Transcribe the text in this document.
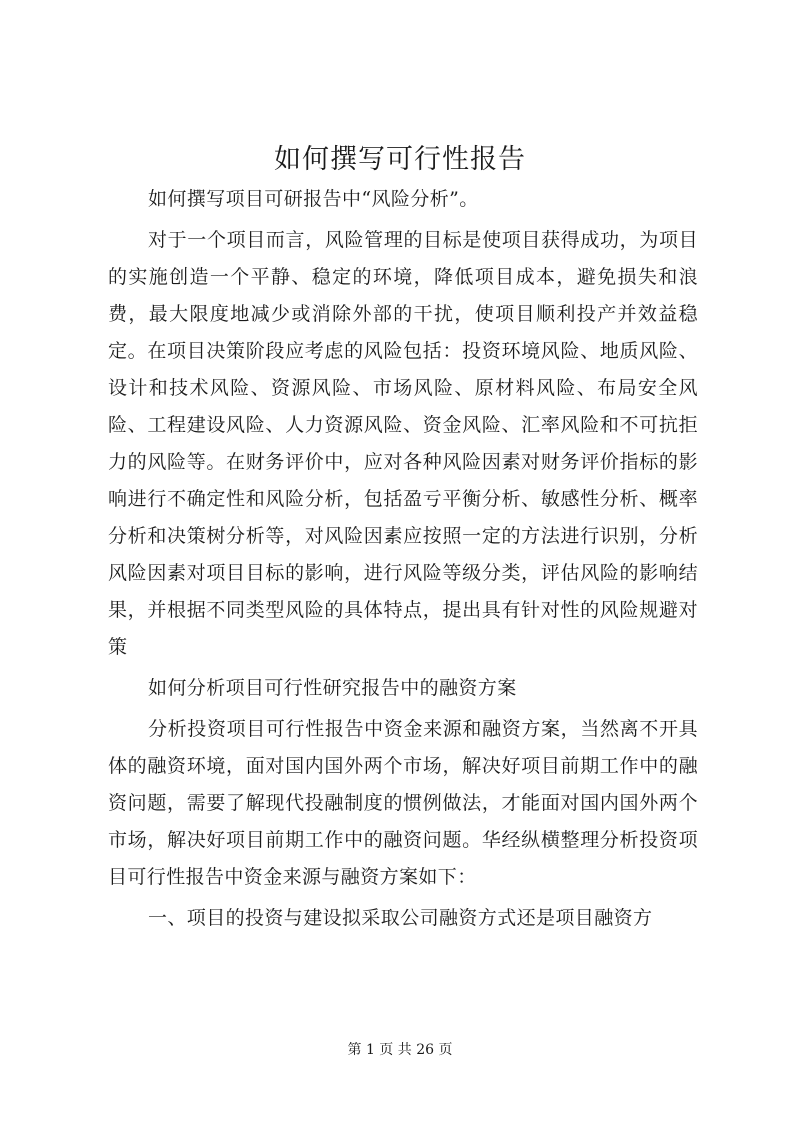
如何撰写可行性报告

如何撰写项目可研报告中“风险分析”。

对于一个项目而言，风险管理的目标是使项目获得成功，为项目的实施创造一个平静、稳定的环境，降低项目成本，避免损失和浪费，最大限度地减少或消除外部的干扰，使项目顺利投产并效益稳定。在项目决策阶段应考虑的风险包括：投资环境风险、地质风险、设计和技术风险、资源风险、市场风险、原材料风险、布局安全风险、工程建设风险、人力资源风险、资金风险、汇率风险和不可抗拒力的风险等。在财务评价中，应对各种风险因素对财务评价指标的影响进行不确定性和风险分析，包括盈亏平衡分析、敏感性分析、概率分析和决策树分析等，对风险因素应按照一定的方法进行识别，分析风险因素对项目目标的影响，进行风险等级分类，评估风险的影响结果，并根据不同类型风险的具体特点，提出具有针对性的风险规避对策

如何分析项目可行性研究报告中的融资方案

分析投资项目可行性报告中资金来源和融资方案，当然离不开具体的融资环境，面对国内国外两个市场，解决好项目前期工作中的融资问题，需要了解现代投融制度的惯例做法，才能面对国内国外两个市场，解决好项目前期工作中的融资问题。华经纵横整理分析投资项目可行性报告中资金来源与融资方案如下：

一、项目的投资与建设拟采取公司融资方式还是项目融资方

第 1 页 共 26 页
